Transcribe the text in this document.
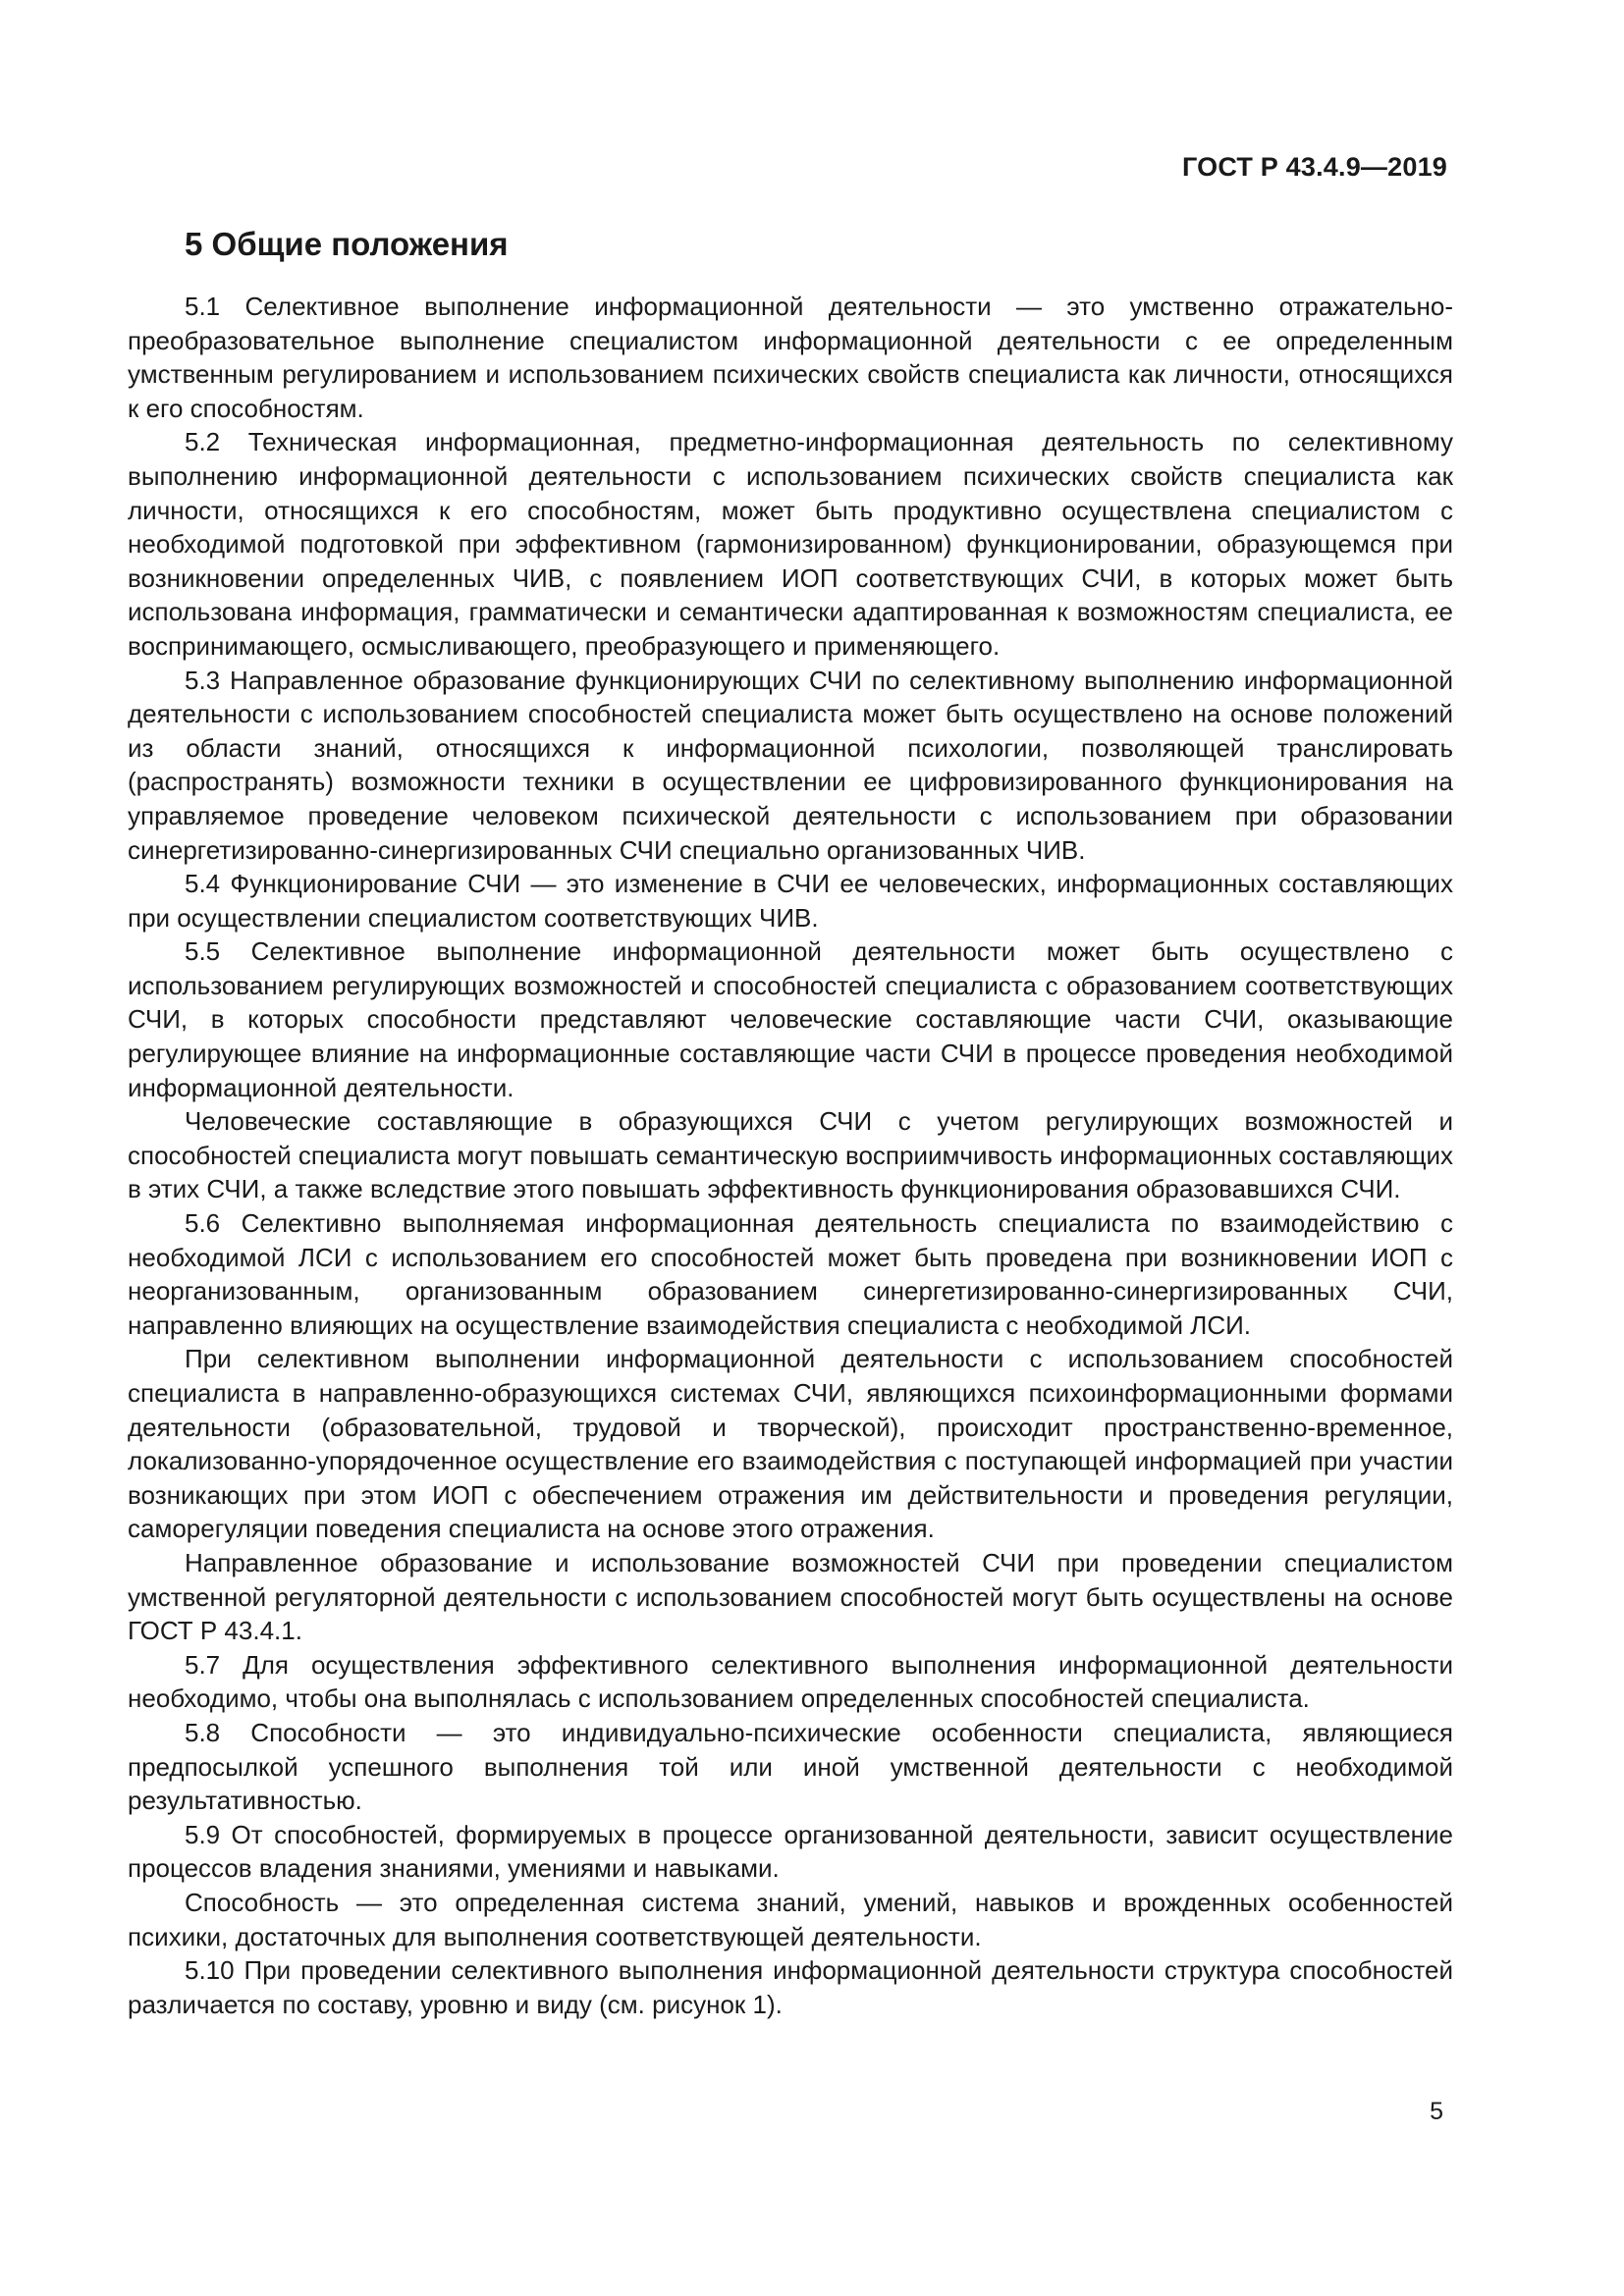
ГОСТ Р 43.4.9—2019
5 Общие положения

5.1 Селективное выполнение информационной деятельности — это умственно отражательно-преобразовательное выполнение специалистом информационной деятельности с ее определенным умственным регулированием и использованием психических свойств специалиста как личности, относящихся к его способностям.

5.2 Техническая информационная, предметно-информационная деятельность по селективному выполнению информационной деятельности с использованием психических свойств специалиста как личности, относящихся к его способностям, может быть продуктивно осуществлена специалистом с необходимой подготовкой при эффективном (гармонизированном) функционировании, образующемся при возникновении определенных ЧИВ, с появлением ИОП соответствующих СЧИ, в которых может быть использована информация, грамматически и семантически адаптированная к возможностям специалиста, ее воспринимающего, осмысливающего, преобразующего и применяющего.

5.3 Направленное образование функционирующих СЧИ по селективному выполнению информационной деятельности с использованием способностей специалиста может быть осуществлено на основе положений из области знаний, относящихся к информационной психологии, позволяющей транслировать (распространять) возможности техники в осуществлении ее цифровизированного функционирования на управляемое проведение человеком психической деятельности с использованием при образовании синергетизированно-синергизированных СЧИ специально организованных ЧИВ.

5.4 Функционирование СЧИ — это изменение в СЧИ ее человеческих, информационных составляющих при осуществлении специалистом соответствующих ЧИВ.

5.5 Селективное выполнение информационной деятельности может быть осуществлено с использованием регулирующих возможностей и способностей специалиста с образованием соответствующих СЧИ, в которых способности представляют человеческие составляющие части СЧИ, оказывающие регулирующее влияние на информационные составляющие части СЧИ в процессе проведения необходимой информационной деятельности.

Человеческие составляющие в образующихся СЧИ с учетом регулирующих возможностей и способностей специалиста могут повышать семантическую восприимчивость информационных составляющих в этих СЧИ, а также вследствие этого повышать эффективность функционирования образовавшихся СЧИ.

5.6 Селективно выполняемая информационная деятельность специалиста по взаимодействию с необходимой ЛСИ с использованием его способностей может быть проведена при возникновении ИОП с неорганизованным, организованным образованием синергетизированно-синергизированных СЧИ, направленно влияющих на осуществление взаимодействия специалиста с необходимой ЛСИ.

При селективном выполнении информационной деятельности с использованием способностей специалиста в направленно-образующихся системах СЧИ, являющихся психоинформационными формами деятельности (образовательной, трудовой и творческой), происходит пространственно-временное, локализованно-упорядоченное осуществление его взаимодействия с поступающей информацией при участии возникающих при этом ИОП с обеспечением отражения им действительности и проведения регуляции, саморегуляции поведения специалиста на основе этого отражения.

Направленное образование и использование возможностей СЧИ при проведении специалистом умственной регуляторной деятельности с использованием способностей могут быть осуществлены на основе ГОСТ Р 43.4.1.

5.7 Для осуществления эффективного селективного выполнения информационной деятельности необходимо, чтобы она выполнялась с использованием определенных способностей специалиста.

5.8 Способности — это индивидуально-психические особенности специалиста, являющиеся предпосылкой успешного выполнения той или иной умственной деятельности с необходимой результативностью.

5.9 От способностей, формируемых в процессе организованной деятельности, зависит осуществление процессов владения знаниями, умениями и навыками.

Способность — это определенная система знаний, умений, навыков и врожденных особенностей психики, достаточных для выполнения соответствующей деятельности.

5.10 При проведении селективного выполнения информационной деятельности структура способностей различается по составу, уровню и виду (см. рисунок 1).

5
